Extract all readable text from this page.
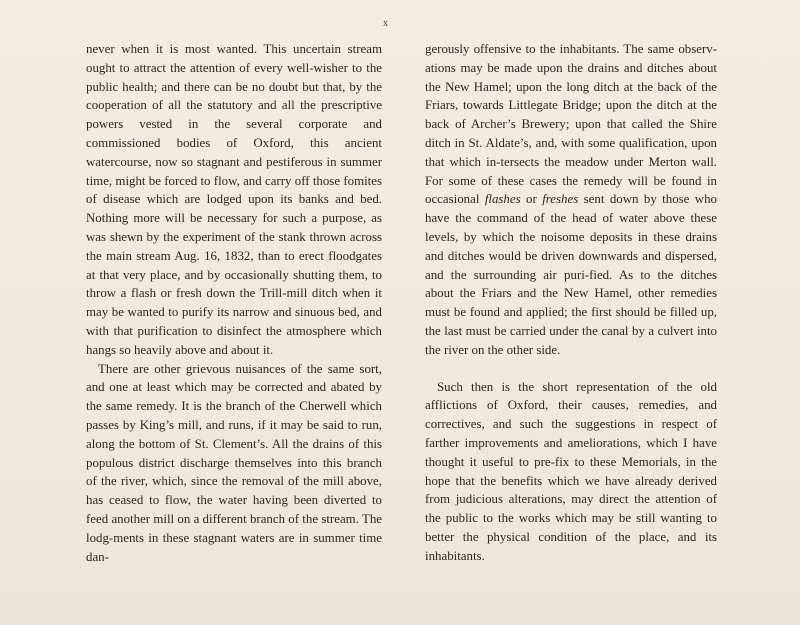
x

never when it is most wanted. This uncertain stream ought to attract the attention of every well-wisher to the public health; and there can be no doubt but that, by the cooperation of all the statutory and all the prescriptive powers vested in the several corporate and commissioned bodies of Oxford, this ancient watercourse, now so stagnant and pestiferous in summer time, might be forced to flow, and carry off those fomites of disease which are lodged upon its banks and bed. Nothing more will be necessary for such a purpose, as was shewn by the experiment of the stank thrown across the main stream Aug. 16, 1832, than to erect floodgates at that very place, and by occasionally shutting them, to throw a flash or fresh down the Trill-mill ditch when it may be wanted to purify its narrow and sinuous bed, and with that purification to disinfect the atmosphere which hangs so heavily above and about it.

There are other grievous nuisances of the same sort, and one at least which may be corrected and abated by the same remedy. It is the branch of the Cherwell which passes by King’s mill, and runs, if it may be said to run, along the bottom of St. Clement’s. All the drains of this populous district discharge themselves into this branch of the river, which, since the removal of the mill above, has ceased to flow, the water having been diverted to feed another mill on a different branch of the stream. The lodg-ments in these stagnant waters are in summer time dan-

gerously offensive to the inhabitants. The same observ-ations may be made upon the drains and ditches about the New Hamel; upon the long ditch at the back of the Friars, towards Littlegate Bridge; upon the ditch at the back of Archer’s Brewery; upon that called the Shire ditch in St. Aldate’s, and, with some qualification, upon that which in-tersects the meadow under Merton wall. For some of these cases the remedy will be found in occasional flashes or freshes sent down by those who have the command of the head of water above these levels, by which the noisome deposits in these drains and ditches would be driven downwards and dispersed, and the surrounding air puri-fied. As to the ditches about the Friars and the New Hamel, other remedies must be found and applied; the first should be filled up, the last must be carried under the canal by a culvert into the river on the other side.

Such then is the short representation of the old afflictions of Oxford, their causes, remedies, and correctives, and such the suggestions in respect of farther improvements and ameliorations, which I have thought it useful to pre-fix to these Memorials, in the hope that the benefits which we have already derived from judicious alterations, may direct the attention of the public to the works which may be still wanting to better the physical condition of the place, and its inhabitants.
